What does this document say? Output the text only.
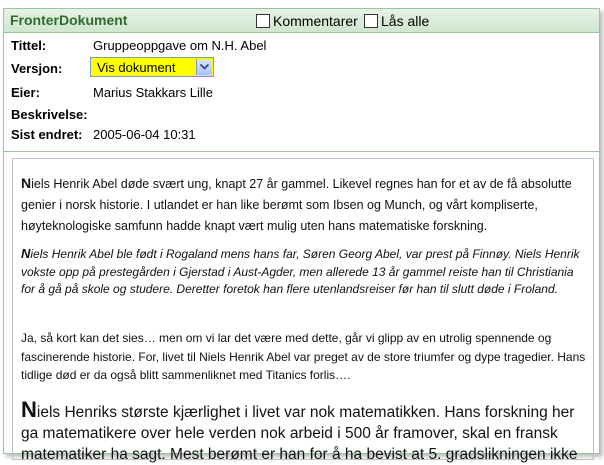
FronterDokument	Kommentarer Lås alle
Tittel:	Gruppeoppgave om N.H. Abel
Versjon:	Vis dokument
Eier:	Marius Stakkars Lille
Beskrivelse:
Sist endret: 2005-06-04 10:31
Niels Henrik Abel døde svært ung, knapt 27 år gammel. Likevel regnes han for et av de få absolutte genier i norsk historie. I utlandet er han like berømt som Ibsen og Munch, og vårt kompliserte, høyteknologiske samfunn hadde knapt vært mulig uten hans matematiske forskning.
Niels Henrik Abel ble født i Rogaland mens hans far, Søren Georg Abel, var prest på Finnøy. Niels Henrik vokste opp på prestegården i Gjerstad i Aust-Agder, men allerede 13 år gammel reiste han til Christiania for å gå på skole og studere. Deretter foretok han flere utenlandsreiser før han til slutt døde i Froland.
Ja, så kort kan det sies… men om vi lar det være med dette, går vi glipp av en utrolig spennende og fascinerende historie. For, livet til Niels Henrik Abel var preget av de store triumfer og dype tragedier. Hans tidlige død er da også blitt sammenliknet med Titanics forlis….
Niels Henriks største kjærlighet i livet var nok matematikken. Hans forskning her ga matematikere over hele verden nok arbeid i 500 år framover, skal en fransk matematiker ha sagt. Mest berømt er han for å ha bevist at 5. gradslikningen ikke
